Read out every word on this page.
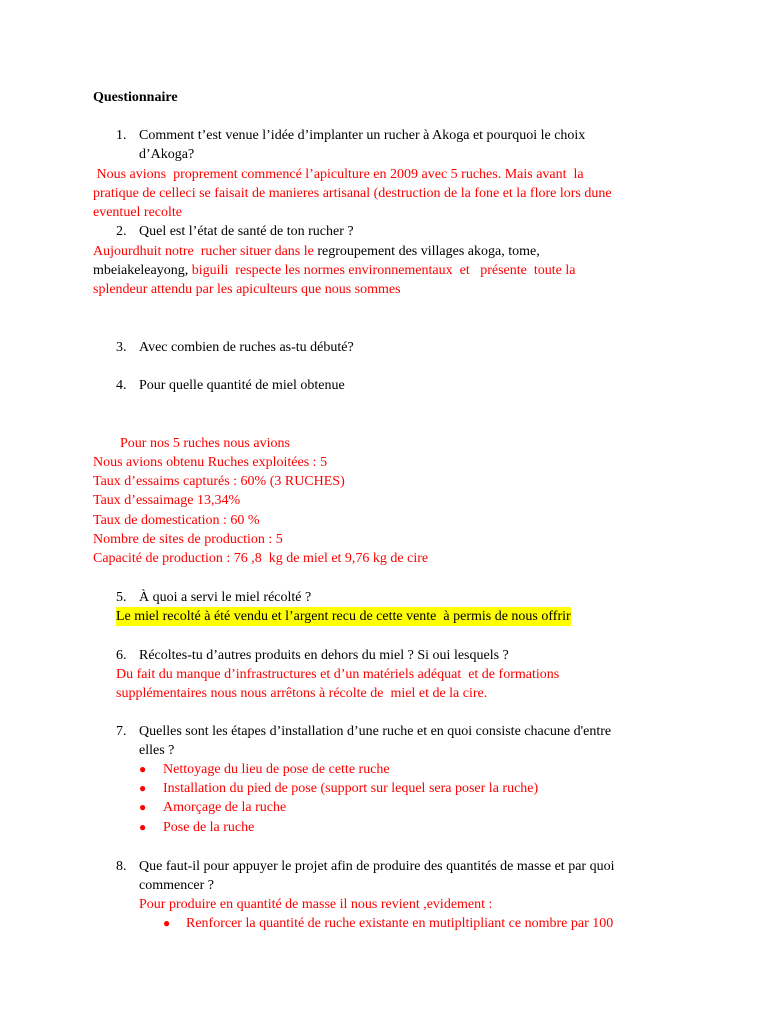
Questionnaire
1. Comment t’est venue l’idée d’implanter un rucher à Akoga et pourquoi le choix
d’Akoga?
Nous avions  proprement commencé l’apiculture en 2009 avec 5 ruches. Mais avant  la
pratique de celleci se faisait de manieres artisanal (destruction de la fone et la flore lors dune
eventuel recolte
2. Quel est l’état de santé de ton rucher ?
Aujourdhuit notre  rucher situer dans le regroupement des villages akoga, tome,
mbeiakeleayong, biguili  respecte les normes environnementaux  et   présente  toute la
splendeur attendu par les apiculteurs que nous sommes
3. Avec combien de ruches as-tu débuté?
4. Pour quelle quantité de miel obtenue
Pour nos 5 ruches nous avions
Nous avions obtenu Ruches exploitées : 5
Taux d’essaims capturés : 60% (3 RUCHES)
Taux d’essaimage 13,34%
Taux de domestication : 60 %
Nombre de sites de production : 5
Capacité de production : 76 ,8  kg de miel et 9,76 kg de cire
5. À quoi a servi le miel récolté ?
Le miel recolté à été vendu et l’argent recu de cette vente  à permis de nous offrir
6. Récoltes-tu d’autres produits en dehors du miel ? Si oui lesquels ?
Du fait du manque d’infrastructures et d’un matériels adéquat  et de formations
supplémentaires nous nous arrêtons à récolte de  miel et de la cire.
7. Quelles sont les étapes d’installation d’une ruche et en quoi consiste chacune d'entre
elles ?
● Nettoyage du lieu de pose de cette ruche
● Installation du pied de pose (support sur lequel sera poser la ruche)
● Amorçage de la ruche
● Pose de la ruche
8. Que faut-il pour appuyer le projet afin de produire des quantités de masse et par quoi
commencer ?
Pour produire en quantité de masse il nous revient ,evidement :
● Renforcer la quantité de ruche existante en mutipltipliant ce nombre par 100
